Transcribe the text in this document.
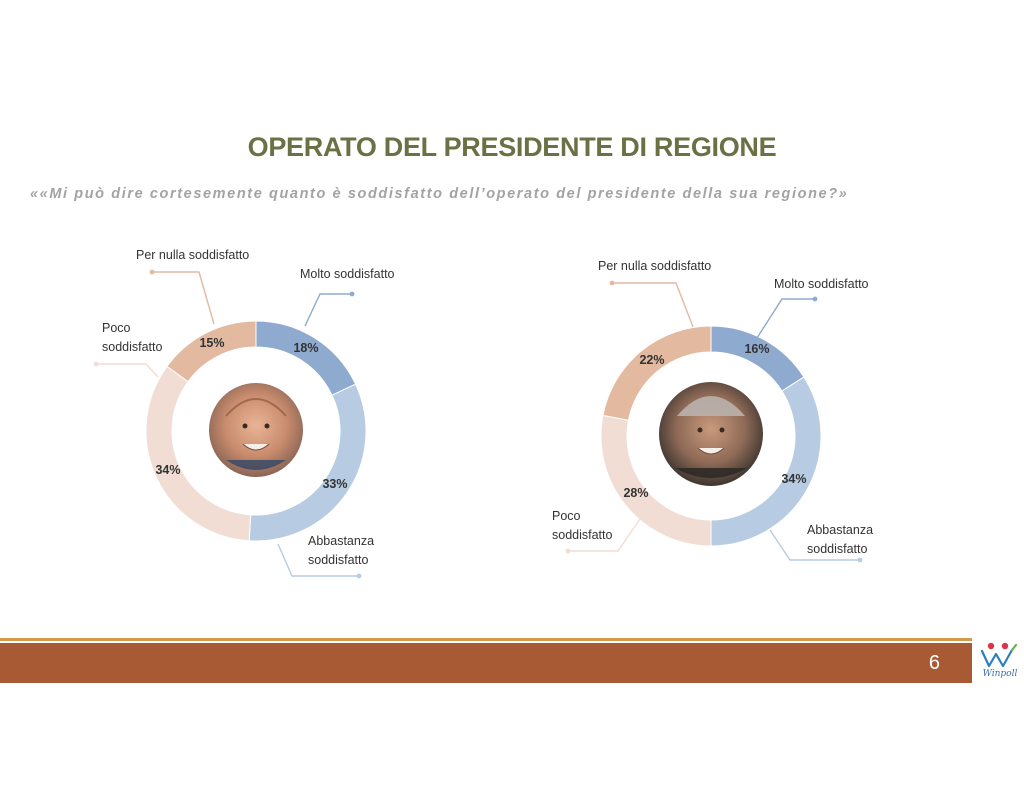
OPERATO DEL PRESIDENTE DI REGIONE

««Mi può dire cortesemente quanto è soddisfatto dell’operato del presidente della sua regione?»

18%
33%
34%
15%
Molto soddisfatto
Abbastanza
soddisfatto
Poco
soddisfatto
Per nulla soddisfatto
16%
34%
28%
22%
Molto soddisfatto
Abbastanza
soddisfatto
Poco
soddisfatto
Per nulla soddisfatto
6	Winpoll
